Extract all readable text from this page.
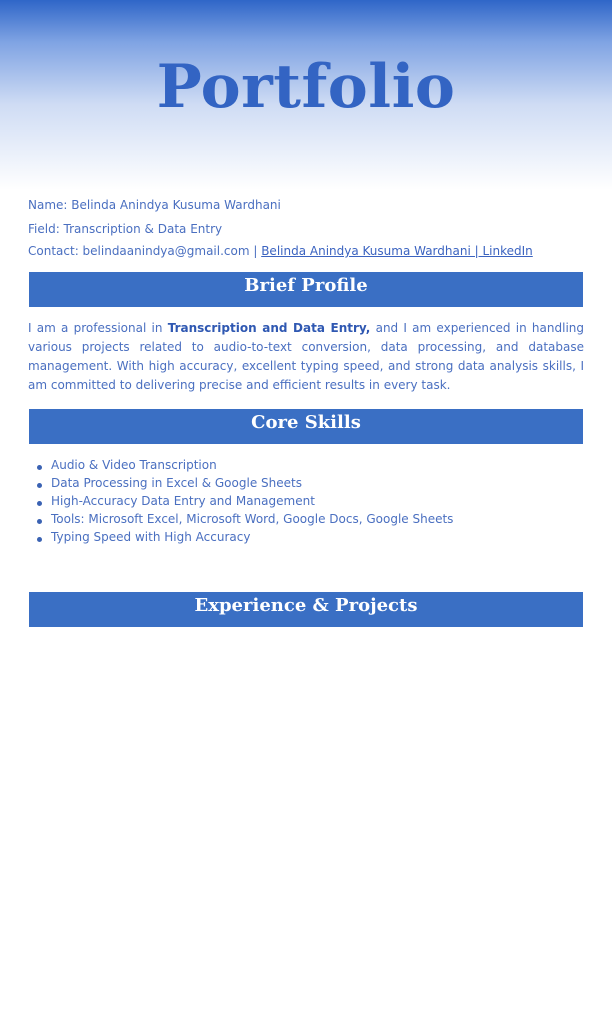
Portfolio
Name: Belinda Anindya Kusuma Wardhani
Field: Transcription & Data Entry
Contact: belindaanindya@gmail.com | Belinda Anindya Kusuma Wardhani | LinkedIn
Brief Profile

I am a professional in Transcription and Data Entry, and I am experienced in handling various projects related to audio-to-text conversion, data processing, and database management. With high accuracy, excellent typing speed, and strong data analysis skills, I am committed to delivering precise and efficient results in every task.

Core Skills
Audio & Video Transcription
Data Processing in Excel & Google Sheets
High-Accuracy Data Entry and Management
Tools: Microsoft Excel, Microsoft Word, Google Docs, Google Sheets
Typing Speed with High Accuracy
Experience & Projects
